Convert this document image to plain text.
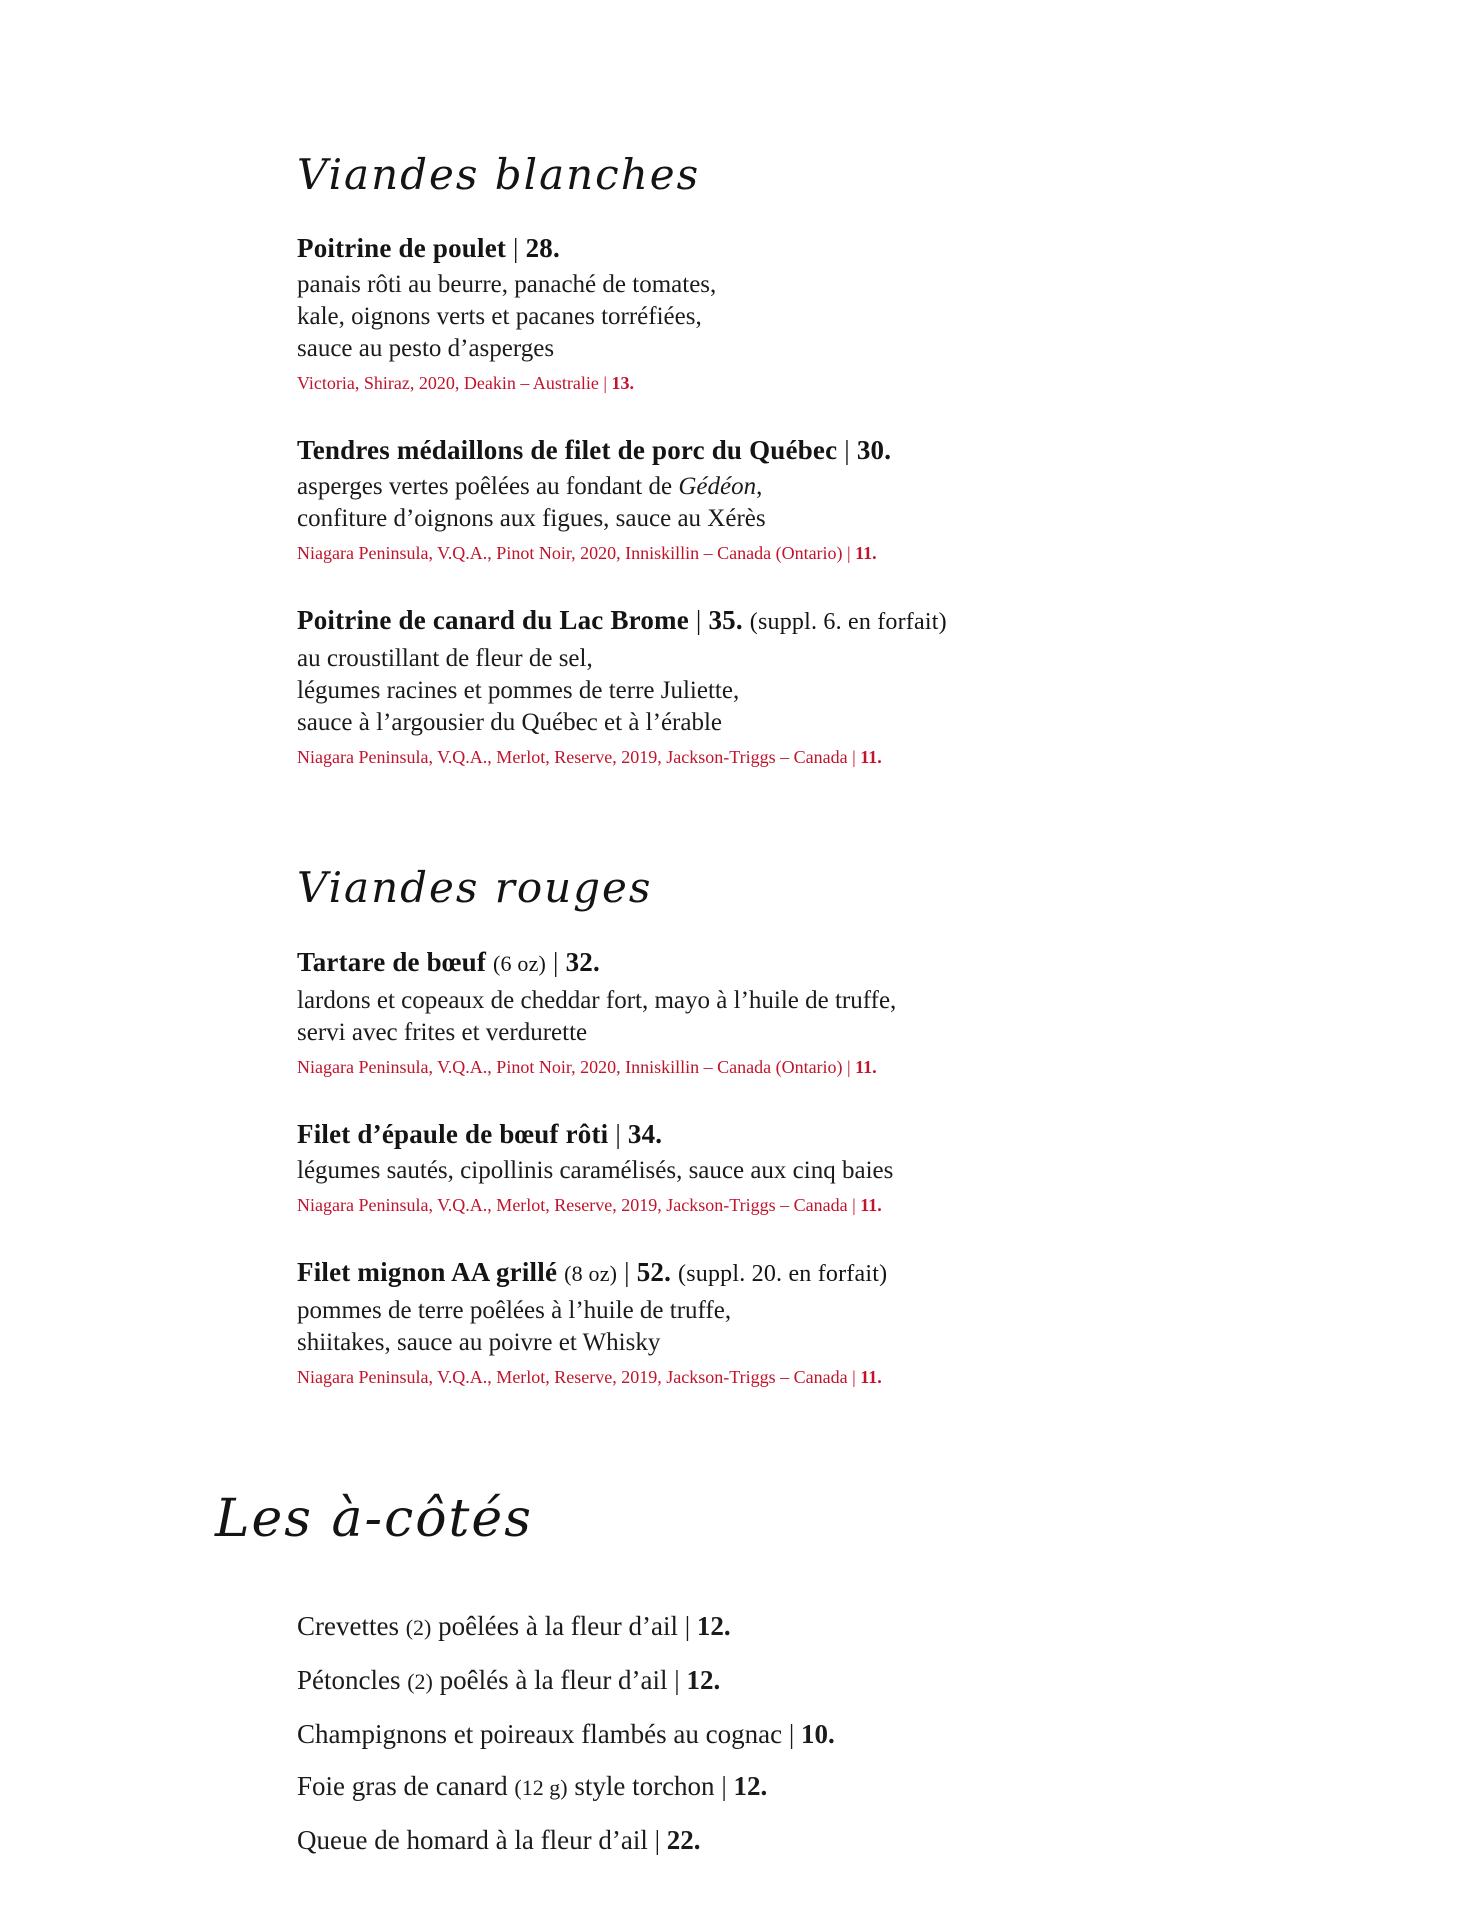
Viandes blanches
Poitrine de poulet | 28.
panais rôti au beurre, panaché de tomates,
kale, oignons verts et pacanes torréfiées,
sauce au pesto d’asperges

Victoria, Shiraz, 2020, Deakin – Australie | 13.

Tendres médaillons de filet de porc du Québec | 30.
asperges vertes poêlées au fondant de Gédéon,
confiture d’oignons aux figues, sauce au Xérès

Niagara Peninsula, V.Q.A., Pinot Noir, 2020, Inniskillin – Canada (Ontario) | 11.

Poitrine de canard du Lac Brome | 35. (suppl. 6. en forfait)
au croustillant de fleur de sel,
légumes racines et pommes de terre Juliette,
sauce à l’argousier du Québec et à l’érable

Niagara Peninsula, V.Q.A., Merlot, Reserve, 2019, Jackson-Triggs – Canada | 11.

Viandes rouges
Tartare de bœuf (6 oz) | 32.
lardons et copeaux de cheddar fort, mayo à l’huile de truffe,
servi avec frites et verdurette

Niagara Peninsula, V.Q.A., Pinot Noir, 2020, Inniskillin – Canada (Ontario) | 11.

Filet d’épaule de bœuf rôti | 34.
légumes sautés, cipollinis caramélisés, sauce aux cinq baies

Niagara Peninsula, V.Q.A., Merlot, Reserve, 2019, Jackson-Triggs – Canada | 11.

Filet mignon AA grillé (8 oz) | 52. (suppl. 20. en forfait)
pommes de terre poêlées à l’huile de truffe,
shiitakes, sauce au poivre et Whisky

Niagara Peninsula, V.Q.A., Merlot, Reserve, 2019, Jackson-Triggs – Canada | 11.

Les à-côtés
Crevettes (2) poêlées à la fleur d’ail | 12.
Pétoncles (2) poêlés à la fleur d’ail | 12.
Champignons et poireaux flambés au cognac | 10.
Foie gras de canard (12 g) style torchon | 12.
Queue de homard à la fleur d’ail | 22.
